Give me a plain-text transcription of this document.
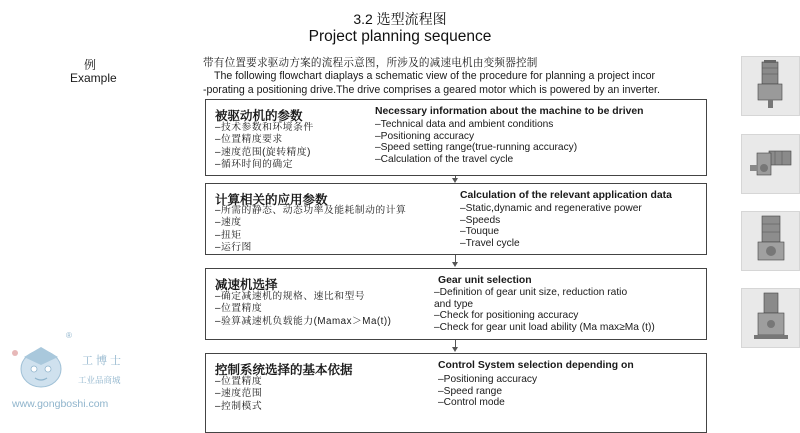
3.2 选型流程图
Project planning sequence
例
Example
带有位置要求驱动方案的流程示意图，所涉及的减速电机由变频器控制
The following flowchart diaplays a schematic view of the procedure for planning a project incor
-porating a positioning drive.The drive comprises a geared motor which is powered by an inverter.
被驱动机的参数
–技术参数和环境条件
–位置精度要求
–速度范围(旋转精度)
–循环时间的确定
Necessary information about the machine to be driven
–Technical data and ambient conditions
–Positioning accuracy
–Speed setting range(true-running accuracy)
–Calculation of the travel cycle
计算相关的应用参数
–所需的静态、动态功率及能耗制动的计算
–速度
–扭矩
–运行图
Calculation of the relevant application data
–Static,dynamic and regenerative power
–Speeds
–Touque
–Travel cycle
减速机选择
–确定减速机的规格、速比和型号
–位置精度
–验算减速机负载能力(Mamax＞Ma(t))
Gear unit selection
–Definition of gear unit size, reduction ratio
and type
–Check for positioning accuracy
–Check for gear unit load ability (Ma max≥Ma (t))
控制系统选择的基本依据
–位置精度
–速度范围
–控制模式
Control System selection depending on
–Positioning accuracy
–Speed range
–Control mode
®
工博士
工业品商城
www.gongboshi.com
